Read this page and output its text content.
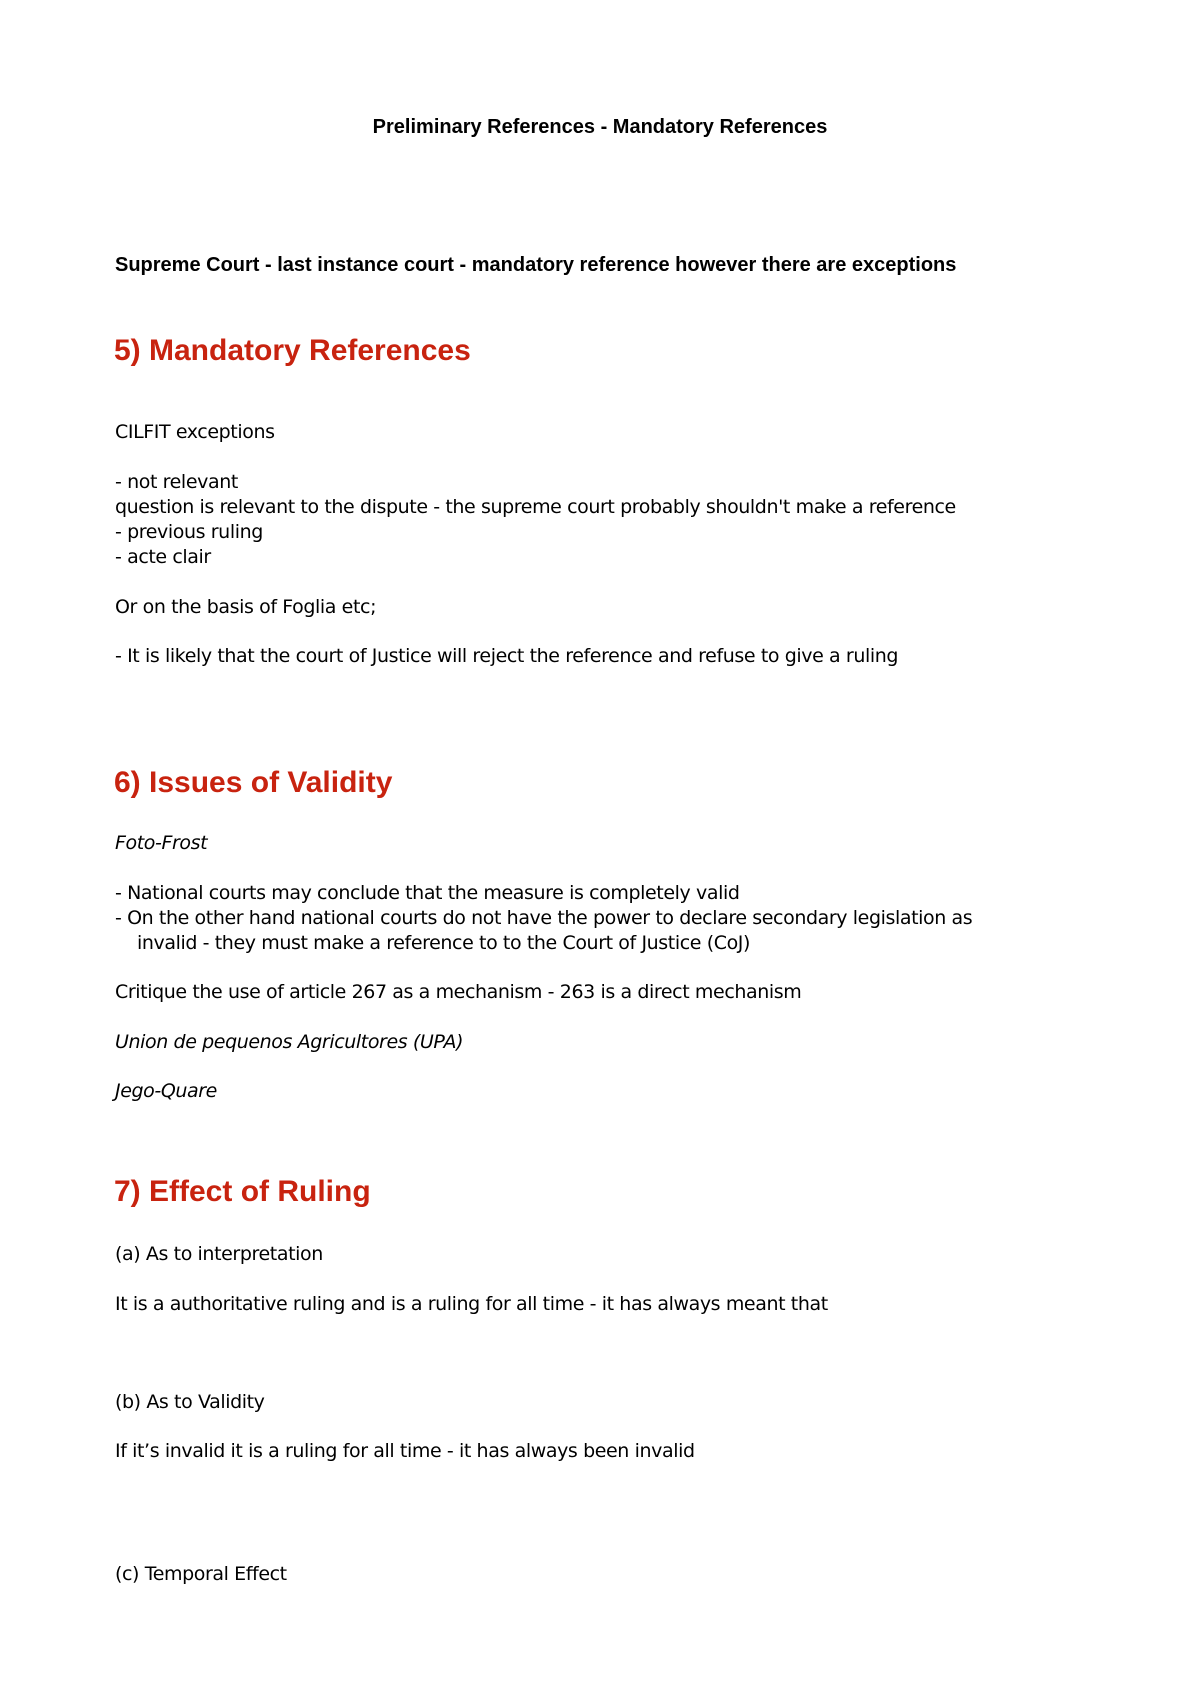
Preliminary References - Mandatory References
Supreme Court - last instance court - mandatory reference however there are exceptions
5) Mandatory References
CILFIT exceptions
- not relevant
question is relevant to the dispute - the supreme court probably shouldn't make a reference
- previous ruling
- acte clair
Or on the basis of Foglia etc;
- It is likely that the court of Justice will reject the reference and refuse to give a ruling
6) Issues of Validity
Foto-Frost
- National courts may conclude that the measure is completely valid
- On the other hand national courts do not have the power to declare secondary legislation as
invalid - they must make a reference to to the Court of Justice (CoJ)
Critique the use of article 267 as a mechanism - 263 is a direct mechanism
Union de pequenos Agricultores (UPA)
Jego-Quare
7) Effect of Ruling
(a) As to interpretation
It is a authoritative ruling and is a ruling for all time - it has always meant that
(b) As to Validity
If it’s invalid it is a ruling for all time - it has always been invalid
(c) Temporal Effect
